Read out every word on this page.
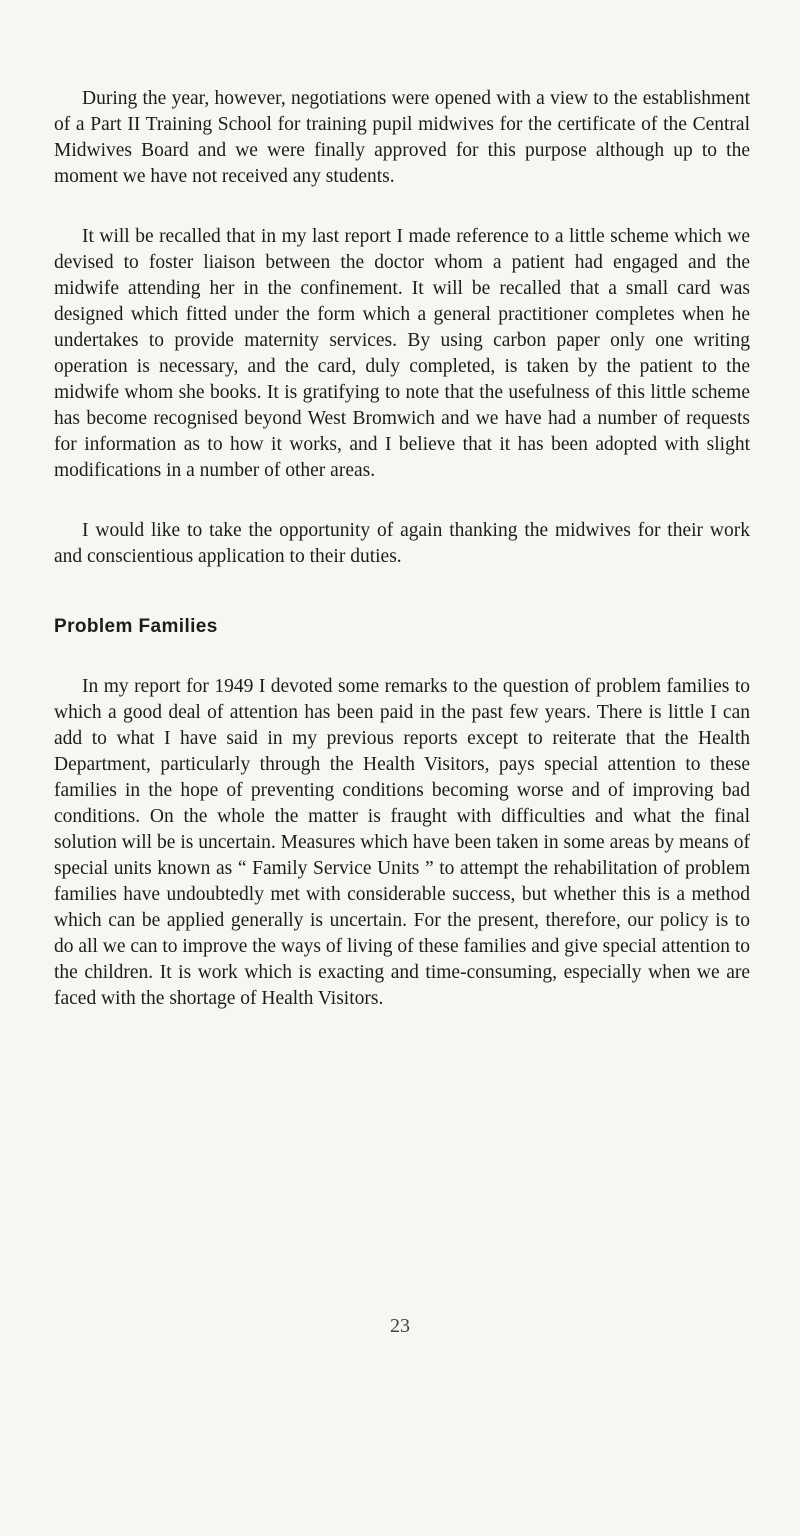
During the year, however, negotiations were opened with a view to the establishment of a Part II Training School for training pupil midwives for the certificate of the Central Midwives Board and we were finally approved for this purpose although up to the moment we have not received any students.

It will be recalled that in my last report I made reference to a little scheme which we devised to foster liaison between the doctor whom a patient had engaged and the midwife attending her in the confinement. It will be recalled that a small card was designed which fitted under the form which a general practitioner completes when he undertakes to provide maternity services. By using carbon paper only one writing operation is necessary, and the card, duly completed, is taken by the patient to the midwife whom she books. It is gratifying to note that the usefulness of this little scheme has become recognised beyond West Bromwich and we have had a number of requests for information as to how it works, and I believe that it has been adopted with slight modifications in a number of other areas.

I would like to take the opportunity of again thanking the midwives for their work and conscientious application to their duties.

Problem Families

In my report for 1949 I devoted some remarks to the question of problem families to which a good deal of attention has been paid in the past few years. There is little I can add to what I have said in my previous reports except to reiterate that the Health Department, particularly through the Health Visitors, pays special attention to these families in the hope of preventing conditions becoming worse and of improving bad conditions. On the whole the matter is fraught with difficulties and what the final solution will be is uncertain. Measures which have been taken in some areas by means of special units known as “ Family Service Units ” to attempt the rehabilitation of problem families have undoubtedly met with considerable success, but whether this is a method which can be applied generally is uncertain. For the present, therefore, our policy is to do all we can to improve the ways of living of these families and give special attention to the children. It is work which is exacting and time-consuming, especially when we are faced with the shortage of Health Visitors.

23
